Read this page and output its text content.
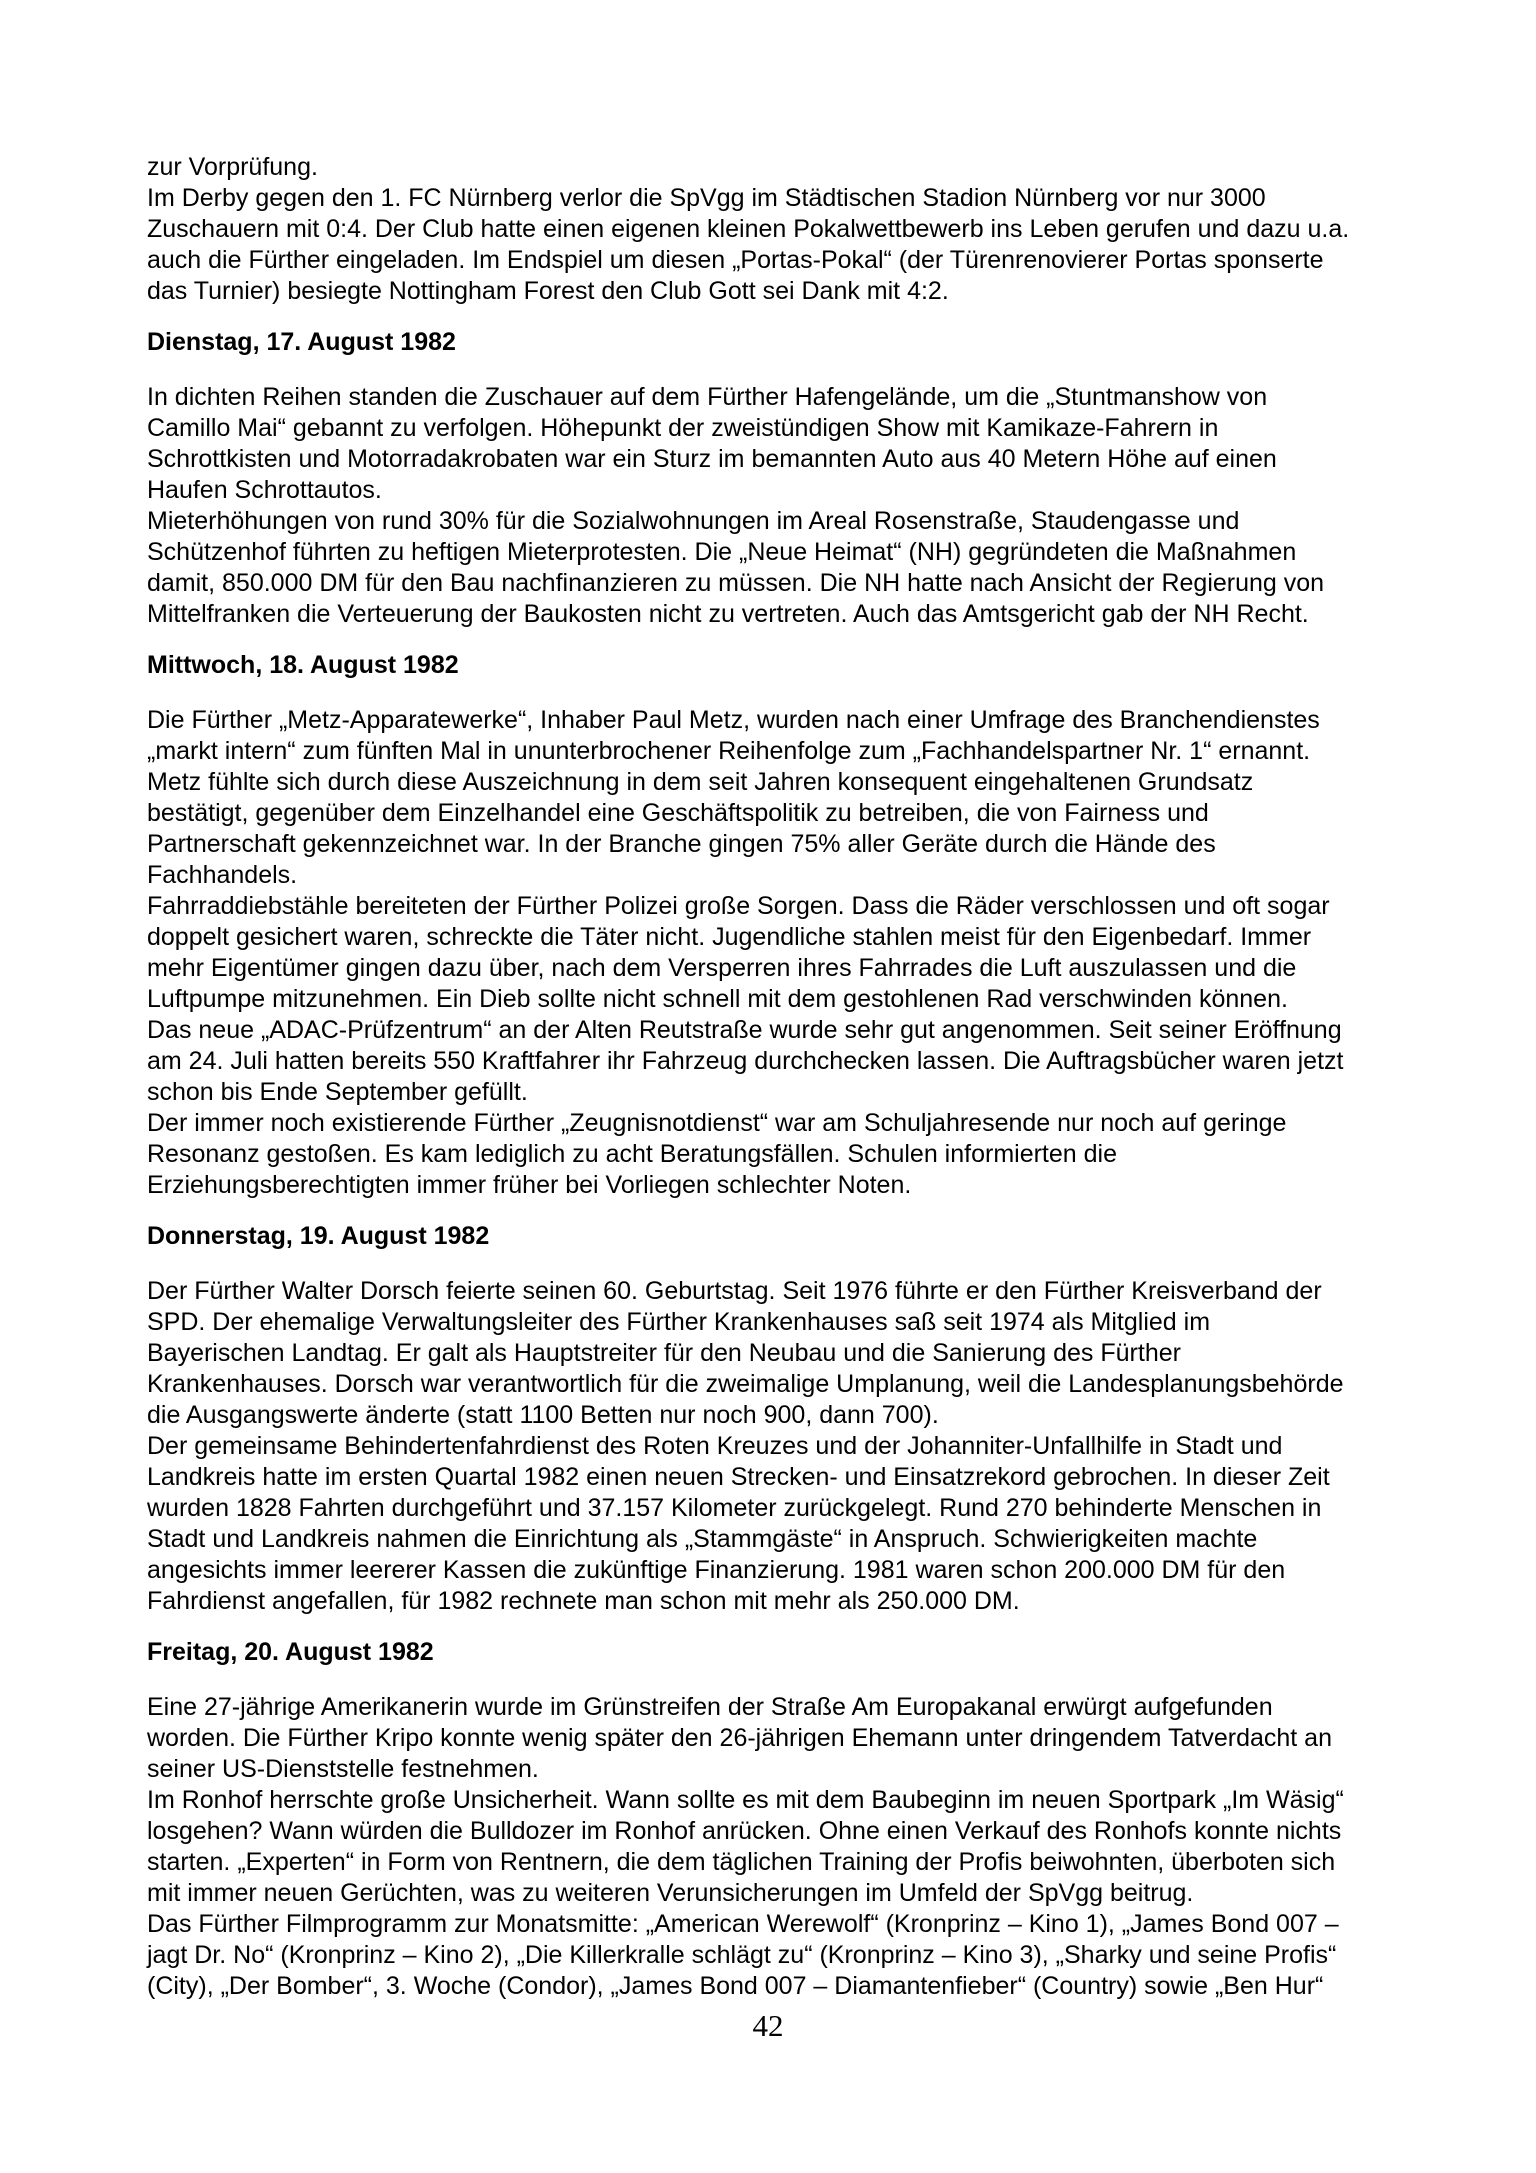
zur Vorprüfung.
Im Derby gegen den 1. FC Nürnberg verlor die SpVgg im Städtischen Stadion Nürnberg vor nur 3000
Zuschauern mit 0:4. Der Club hatte einen eigenen kleinen Pokalwettbewerb ins Leben gerufen und dazu u.a.
auch die Fürther eingeladen. Im Endspiel um diesen „Portas-Pokal“ (der Türenrenovierer Portas sponserte
das Turnier) besiegte Nottingham Forest den Club Gott sei Dank mit 4:2.
Dienstag, 17. August 1982
In dichten Reihen standen die Zuschauer auf dem Fürther Hafengelände, um die „Stuntmanshow von
Camillo Mai“ gebannt zu verfolgen. Höhepunkt der zweistündigen Show mit Kamikaze-Fahrern in
Schrottkisten und Motorradakrobaten war ein Sturz im bemannten Auto aus 40 Metern Höhe auf einen
Haufen Schrottautos.
Mieterhöhungen von rund 30% für die Sozialwohnungen im Areal Rosenstraße, Staudengasse und
Schützenhof führten zu heftigen Mieterprotesten. Die „Neue Heimat“ (NH) gegründeten die Maßnahmen
damit, 850.000 DM für den Bau nachfinanzieren zu müssen. Die NH hatte nach Ansicht der Regierung von
Mittelfranken die Verteuerung der Baukosten nicht zu vertreten. Auch das Amtsgericht gab der NH Recht.
Mittwoch, 18. August 1982
Die Fürther „Metz-Apparatewerke“, Inhaber Paul Metz, wurden nach einer Umfrage des Branchendienstes
„markt intern“ zum fünften Mal in ununterbrochener Reihenfolge zum „Fachhandelspartner Nr. 1“ ernannt.
Metz fühlte sich durch diese Auszeichnung in dem seit Jahren konsequent eingehaltenen Grundsatz
bestätigt, gegenüber dem Einzelhandel eine Geschäftspolitik zu betreiben, die von Fairness und
Partnerschaft gekennzeichnet war. In der Branche gingen 75% aller Geräte durch die Hände des
Fachhandels.
Fahrraddiebstähle bereiteten der Fürther Polizei große Sorgen. Dass die Räder verschlossen und oft sogar
doppelt gesichert waren, schreckte die Täter nicht. Jugendliche stahlen meist für den Eigenbedarf. Immer
mehr Eigentümer gingen dazu über, nach dem Versperren ihres Fahrrades die Luft auszulassen und die
Luftpumpe mitzunehmen. Ein Dieb sollte nicht schnell mit dem gestohlenen Rad verschwinden können.
Das neue „ADAC-Prüfzentrum“ an der Alten Reutstraße wurde sehr gut angenommen. Seit seiner Eröffnung
am 24. Juli hatten bereits 550 Kraftfahrer ihr Fahrzeug durchchecken lassen. Die Auftragsbücher waren jetzt
schon bis Ende September gefüllt.
Der immer noch existierende Fürther „Zeugnisnotdienst“ war am Schuljahresende nur noch auf geringe
Resonanz gestoßen. Es kam lediglich zu acht Beratungsfällen. Schulen informierten die
Erziehungsberechtigten immer früher bei Vorliegen schlechter Noten.
Donnerstag, 19. August 1982
Der Fürther Walter Dorsch feierte seinen 60. Geburtstag. Seit 1976 führte er den Fürther Kreisverband der
SPD. Der ehemalige Verwaltungsleiter des Fürther Krankenhauses saß seit 1974 als Mitglied im
Bayerischen Landtag. Er galt als Hauptstreiter für den Neubau und die Sanierung des Fürther
Krankenhauses. Dorsch war verantwortlich für die zweimalige Umplanung, weil die Landesplanungsbehörde
die Ausgangswerte änderte (statt 1100 Betten nur noch 900, dann 700).
Der gemeinsame Behindertenfahrdienst des Roten Kreuzes und der Johanniter-Unfallhilfe in Stadt und
Landkreis hatte im ersten Quartal 1982 einen neuen Strecken- und Einsatzrekord gebrochen. In dieser Zeit
wurden 1828 Fahrten durchgeführt und 37.157 Kilometer zurückgelegt. Rund 270 behinderte Menschen in
Stadt und Landkreis nahmen die Einrichtung als „Stammgäste“ in Anspruch. Schwierigkeiten machte
angesichts immer leererer Kassen die zukünftige Finanzierung. 1981 waren schon 200.000 DM für den
Fahrdienst angefallen, für 1982 rechnete man schon mit mehr als 250.000 DM.
Freitag, 20. August 1982
Eine 27-jährige Amerikanerin wurde im Grünstreifen der Straße Am Europakanal erwürgt aufgefunden
worden. Die Fürther Kripo konnte wenig später den 26-jährigen Ehemann unter dringendem Tatverdacht an
seiner US-Dienststelle festnehmen.
Im Ronhof herrschte große Unsicherheit. Wann sollte es mit dem Baubeginn im neuen Sportpark „Im Wäsig“
losgehen? Wann würden die Bulldozer im Ronhof anrücken. Ohne einen Verkauf des Ronhofs konnte nichts
starten. „Experten“ in Form von Rentnern, die dem täglichen Training der Profis beiwohnten, überboten sich
mit immer neuen Gerüchten, was zu weiteren Verunsicherungen im Umfeld der SpVgg beitrug.
Das Fürther Filmprogramm zur Monatsmitte: „American Werewolf“ (Kronprinz – Kino 1), „James Bond 007 –
jagt Dr. No“ (Kronprinz – Kino 2), „Die Killerkralle schlägt zu“ (Kronprinz – Kino 3), „Sharky und seine Profis“
(City), „Der Bomber“, 3. Woche (Condor), „James Bond 007 – Diamantenfieber“ (Country) sowie „Ben Hur“
42
